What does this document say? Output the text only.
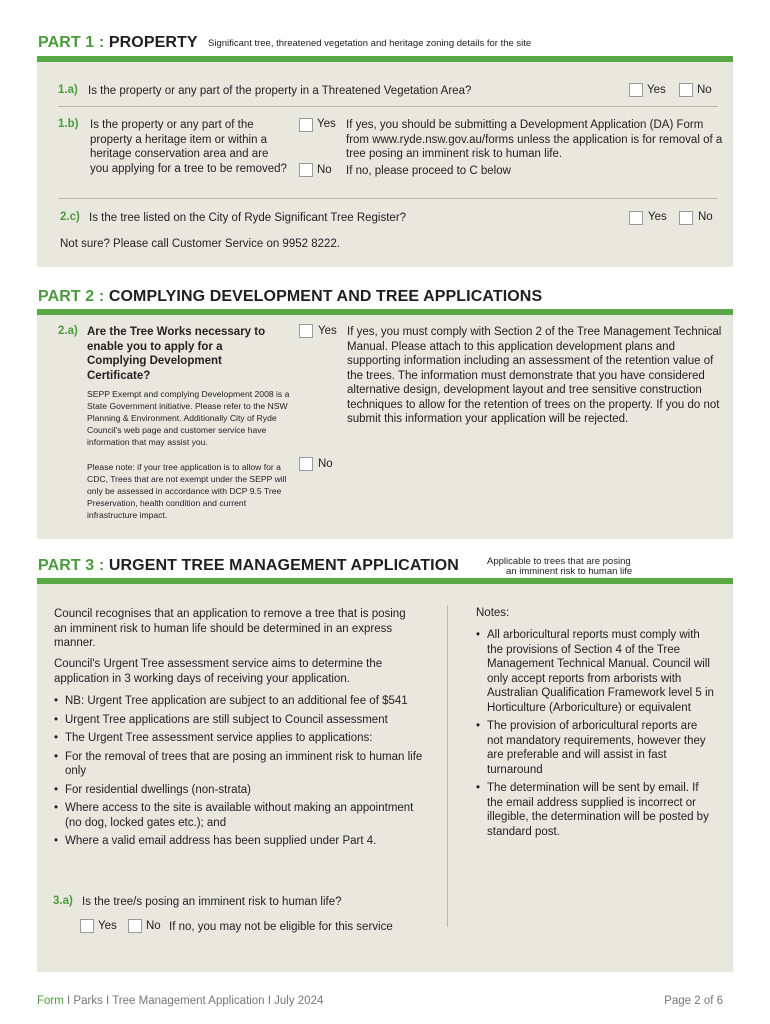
PART 1 : PROPERTY Significant tree, threatened vegetation and heritage zoning details for the site
1.a) Is the property or any part of the property in a Threatened Vegetation Area?	Yes	No
1.b) Is the property or any part of the property a heritage item or within a heritage conservation area and are you applying for a tree to be removed?
Yes If yes, you should be submitting a Development Application (DA) Form from www.ryde.nsw.gov.au/forms unless the application is for removal of a tree posing an imminent risk to human life.
No If no, please proceed to C below
2.c) Is the tree listed on the City of Ryde Significant Tree Register?	Yes	No
Not sure? Please call Customer Service on 9952 8222.
PART 2 : COMPLYING DEVELOPMENT AND TREE APPLICATIONS
2.a) Are the Tree Works necessary to enable you to apply for a Complying Development Certificate?
SEPP Exempt and complying Development 2008 is a State Government initiative. Please refer to the NSW Planning & Environment. Additionally City of Ryde Council's web page and customer service have information that may assist you.
Please note: if your tree application is to allow for a CDC, Trees that are not exempt under the SEPP will only be assessed in accordance with DCP 9.5 Tree Preservation, health condition and current infrastructure impact.
Yes If yes, you must comply with Section 2 of the Tree Management Technical Manual. Please attach to this application development plans and supporting information including an assessment of the retention value of the trees. The information must demonstrate that you have considered alternative design, development layout and tree sensitive construction techniques to allow for the retention of trees on the property. If you do not submit this information your application will be rejected.
No
PART 3 : URGENT TREE MANAGEMENT APPLICATION	Applicable to trees that are posing
an imminent risk to human life
Council recognises that an application to remove a tree that is posing an imminent risk to human life should be determined in an express manner.
Council's Urgent Tree assessment service aims to determine the application in 3 working days of receiving your application.
• NB: Urgent Tree application are subject to an additional fee of $541
• Urgent Tree applications are still subject to Council assessment
• The Urgent Tree assessment service applies to applications:
• For the removal of trees that are posing an imminent risk to human life only
• For residential dwellings (non-strata)
• Where access to the site is available without making an appointment (no dog, locked gates etc.); and
• Where a valid email address has been supplied under Part 4.
Notes:
• All arboricultural reports must comply with the provisions of Section 4 of the Tree Management Technical Manual. Council will only accept reports from arborists with Australian Qualification Framework level 5 in Horticulture (Arboriculture) or equivalent
• The provision of arboricultural reports are not mandatory requirements, however they are preferable and will assist in fast turnaround
• The determination will be sent by email. If the email address supplied is incorrect or illegible, the determination will be posted by standard post.
3.a) Is the tree/s posing an imminent risk to human life?
Yes	No If no, you may not be eligible for this service
Form I Parks I Tree Management Application I July 2024	Page 2 of 6
